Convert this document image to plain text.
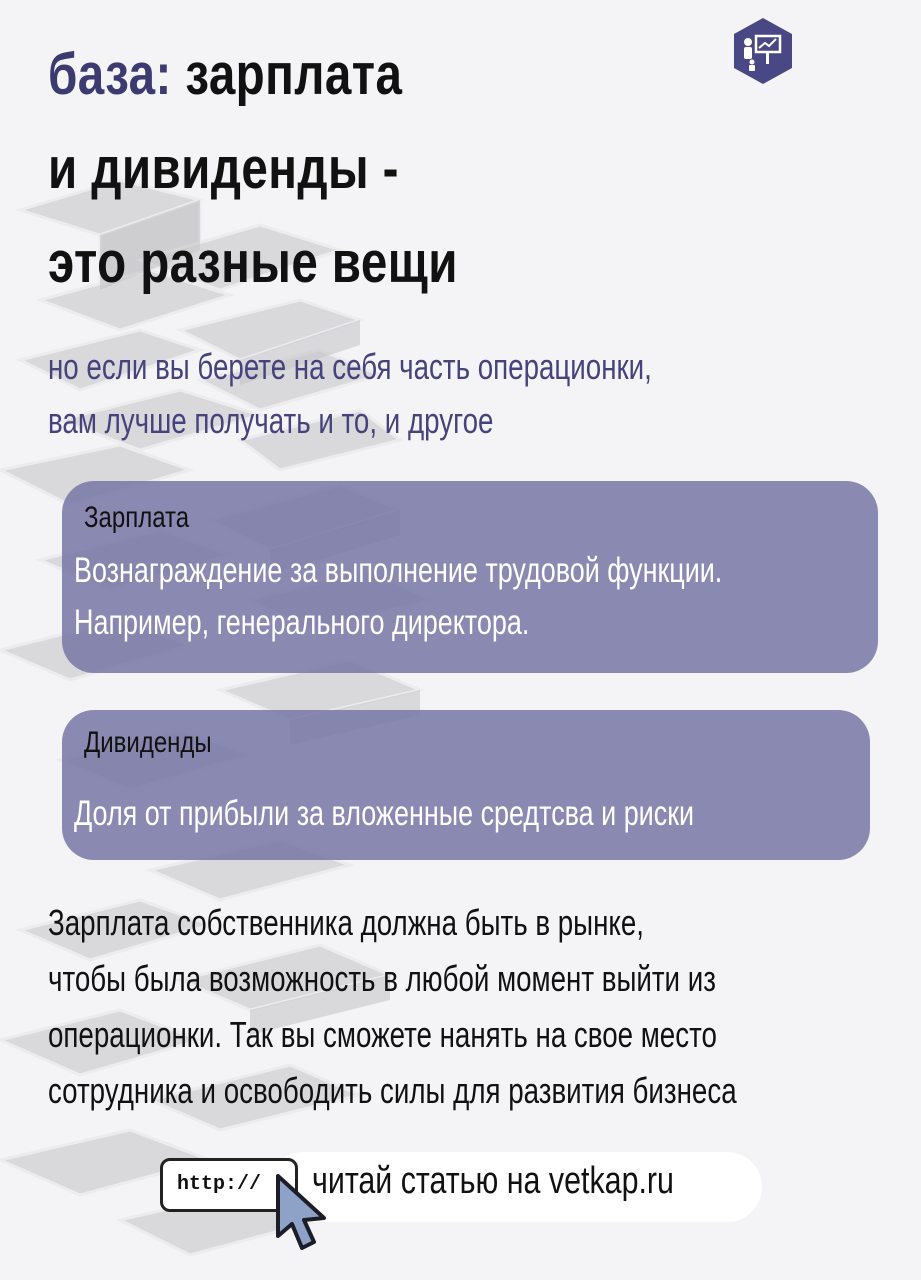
база: зарплата
и дивиденды -
это разные вещи

но если вы берете на себя часть операционки,
вам лучше получать и то, и другое

Зарплата
Вознаграждение за выполнение трудовой функции.
Например, генерального директора.
Дивиденды
Доля от прибыли за вложенные средтсва и риски

Зарплата собственника должна быть в рынке,
чтобы была возможность в любой момент выйти из
операционки. Так вы сможете нанять на свое место
сотрудника и освободить силы для развития бизнеса

http://	читай статью на vetkap.ru
